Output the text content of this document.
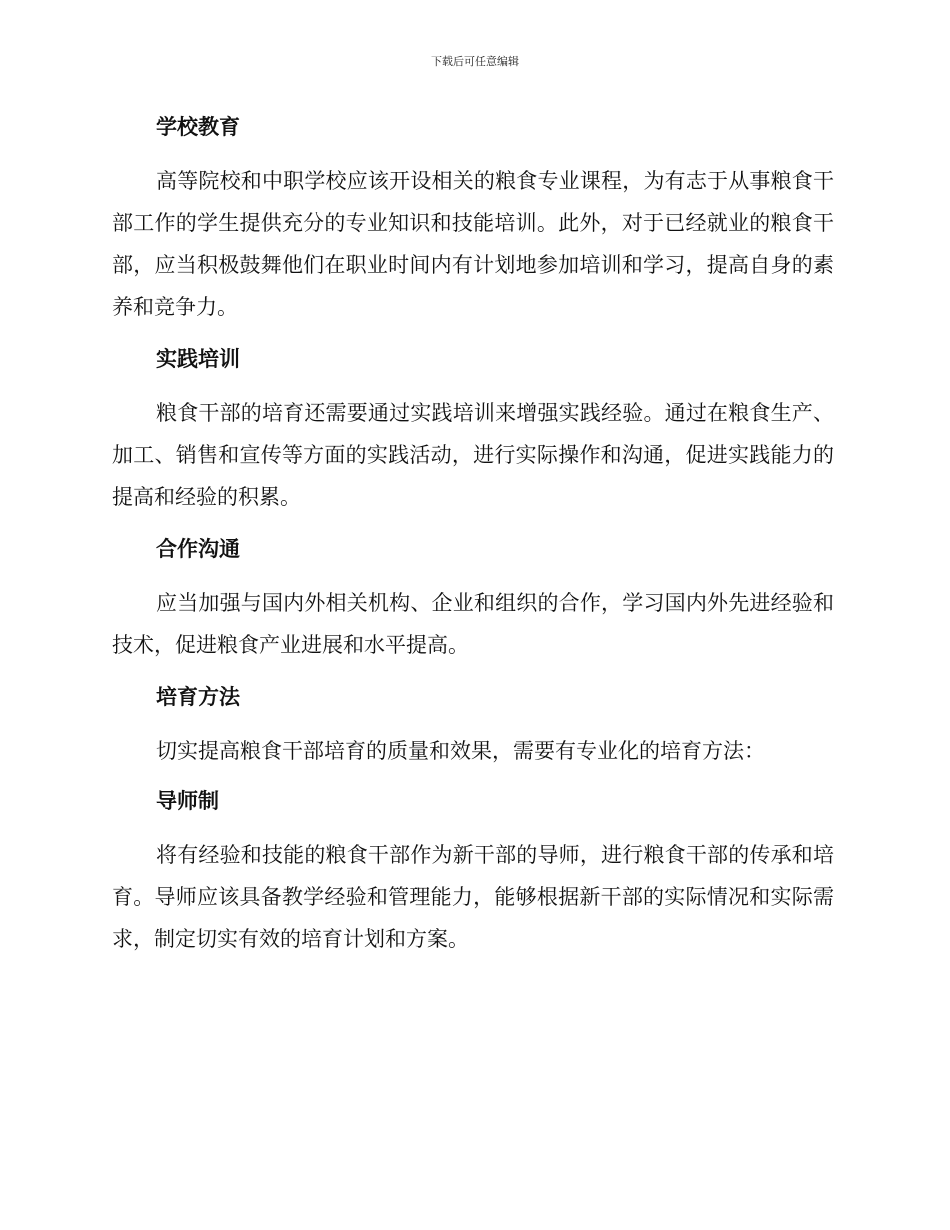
下载后可任意编辑
学校教育

高等院校和中职学校应该开设相关的粮食专业课程，为有志于从事粮食干部工作的学生提供充分的专业知识和技能培训。此外，对于已经就业的粮食干部，应当积极鼓舞他们在职业时间内有计划地参加培训和学习，提高自身的素养和竞争力。

实践培训

粮食干部的培育还需要通过实践培训来增强实践经验。通过在粮食生产、加工、销售和宣传等方面的实践活动，进行实际操作和沟通，促进实践能力的提高和经验的积累。

合作沟通

应当加强与国内外相关机构、企业和组织的合作，学习国内外先进经验和技术，促进粮食产业进展和水平提高。

培育方法

切实提高粮食干部培育的质量和效果，需要有专业化的培育方法：

导师制

将有经验和技能的粮食干部作为新干部的导师，进行粮食干部的传承和培育。导师应该具备教学经验和管理能力，能够根据新干部的实际情况和实际需求，制定切实有效的培育计划和方案。
